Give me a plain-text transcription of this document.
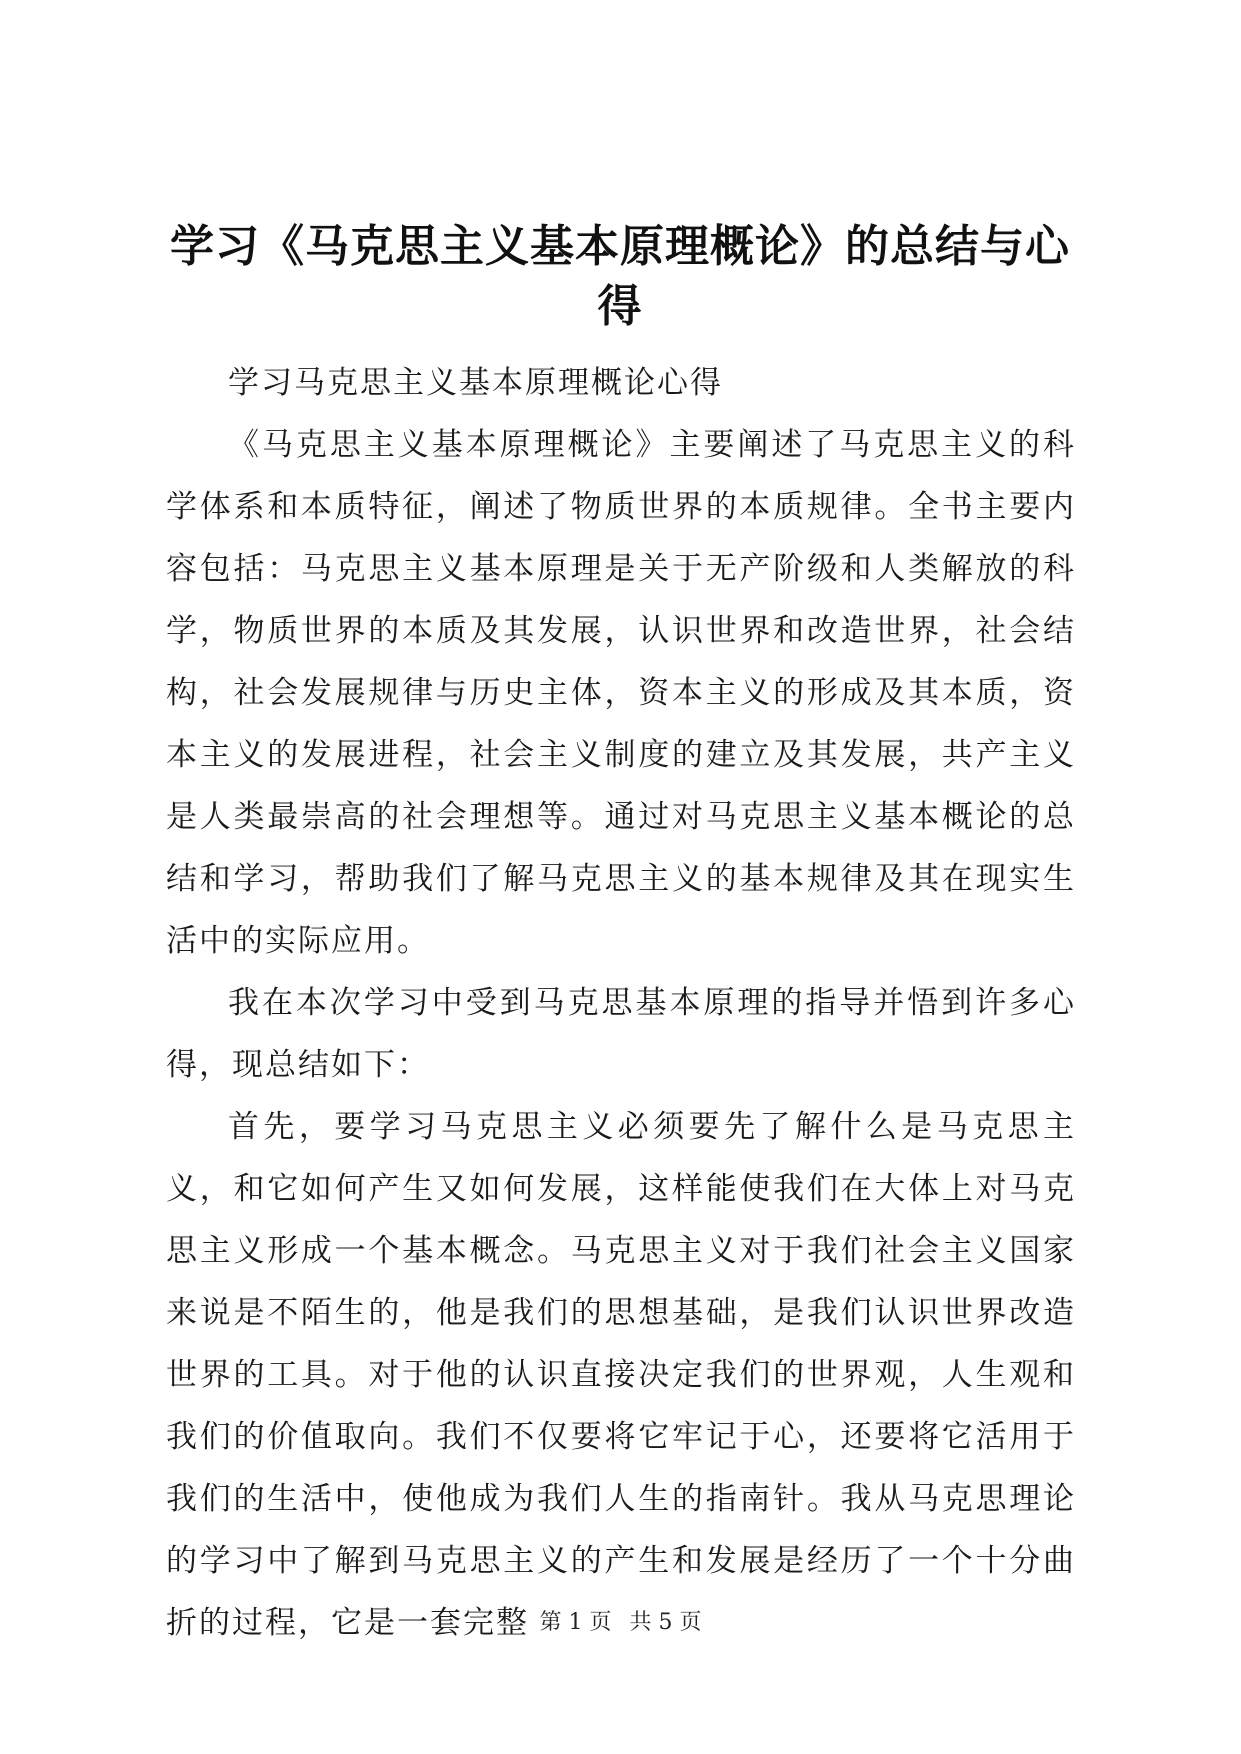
学习《马克思主义基本原理概论》的总结与心得

学习马克思主义基本原理概论心得

《马克思主义基本原理概论》主要阐述了马克思主义的科学体系和本质特征，阐述了物质世界的本质规律。全书主要内容包括：马克思主义基本原理是关于无产阶级和人类解放的科学，物质世界的本质及其发展，认识世界和改造世界，社会结构，社会发展规律与历史主体，资本主义的形成及其本质，资本主义的发展进程，社会主义制度的建立及其发展，共产主义是人类最崇高的社会理想等。通过对马克思主义基本概论的总结和学习，帮助我们了解马克思主义的基本规律及其在现实生活中的实际应用。

我在本次学习中受到马克思基本原理的指导并悟到许多心得，现总结如下：

首先，要学习马克思主义必须要先了解什么是马克思主义，和它如何产生又如何发展，这样能使我们在大体上对马克思主义形成一个基本概念。马克思主义对于我们社会主义国家来说是不陌生的，他是我们的思想基础，是我们认识世界改造世界的工具。对于他的认识直接决定我们的世界观，人生观和我们的价值取向。我们不仅要将它牢记于心，还要将它活用于我们的生活中，使他成为我们人生的指南针。我从马克思理论的学习中了解到马克思主义的产生和发展是经历了一个十分曲折的过程，它是一套完整 第 1 页 共 5 页
